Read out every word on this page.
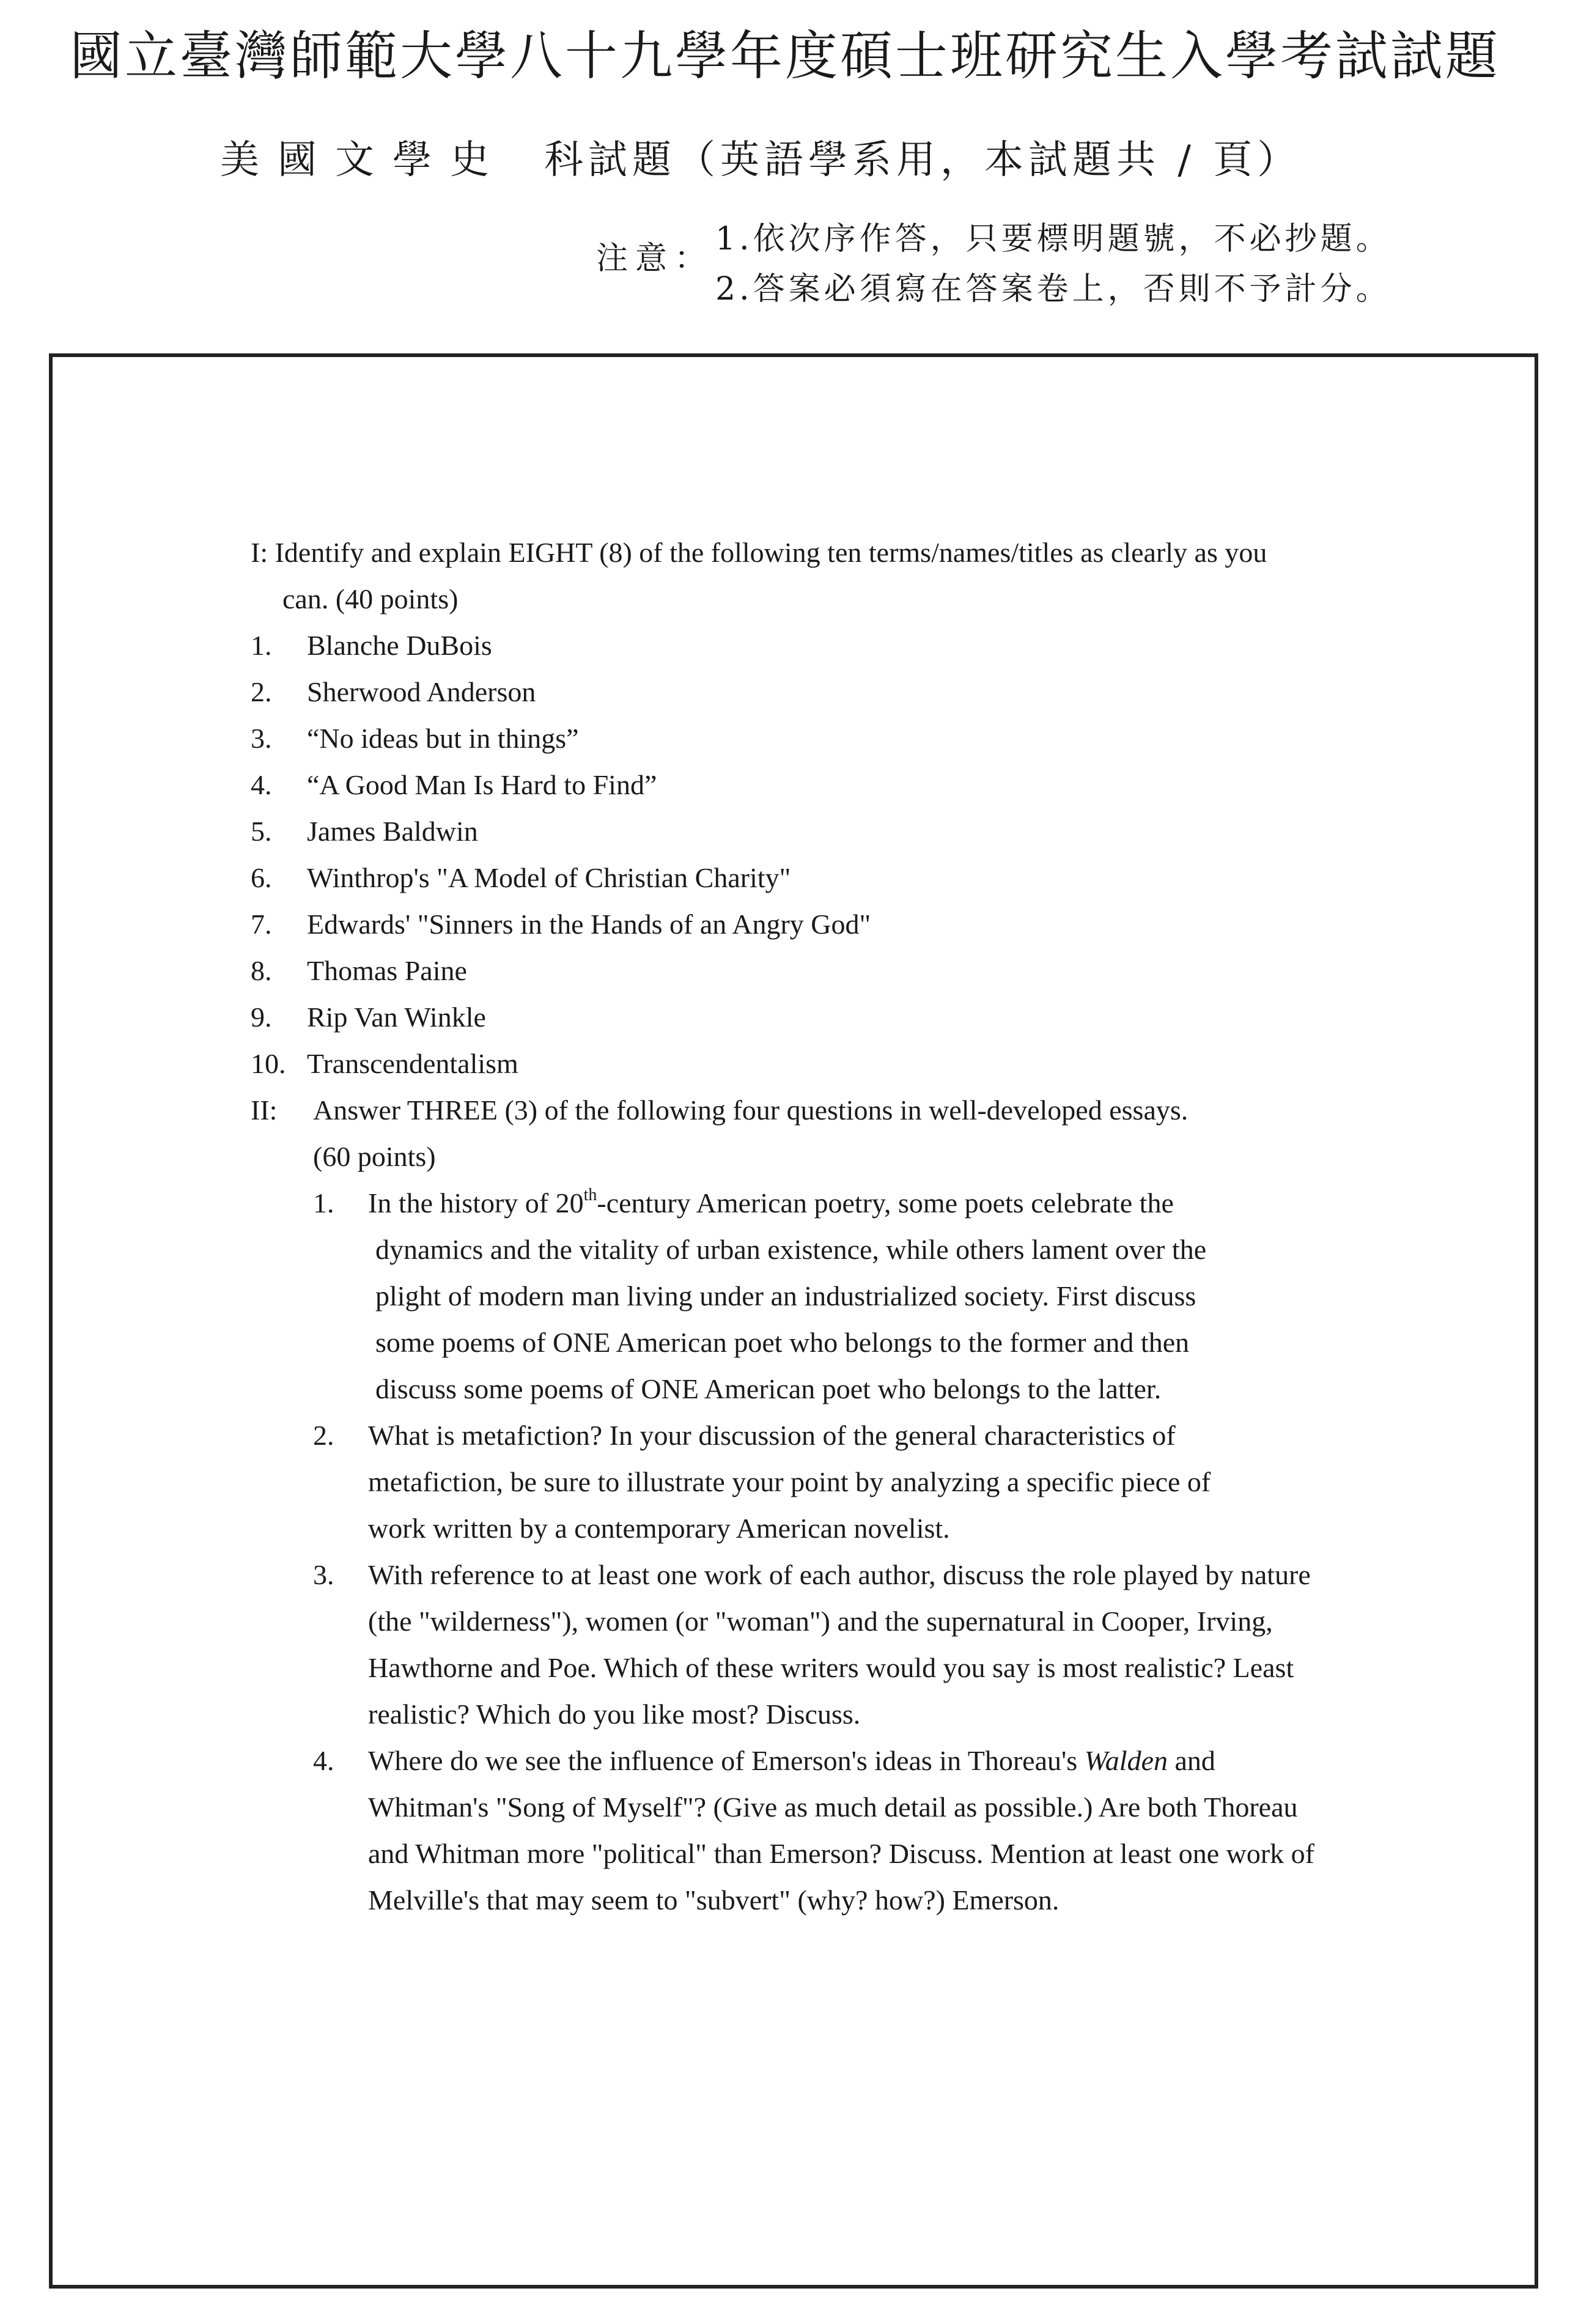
國立臺灣師範大學八十九學年度碩士班研究生入學考試試題
美國文學史 科試題（英語學系用，本試題共 / 頁）
注意：
1.依次序作答，只要標明題號，不必抄題。
2.答案必須寫在答案卷上，否則不予計分。
I: Identify and explain EIGHT (8) of the following ten terms/names/titles as clearly as you
can. (40 points)
1. Blanche DuBois
2. Sherwood Anderson
3. “No ideas but in things”
4. “A Good Man Is Hard to Find”
5. James Baldwin
6. Winthrop's "A Model of Christian Charity"
7. Edwards' "Sinners in the Hands of an Angry God"
8. Thomas Paine
9. Rip Van Winkle
10. Transcendentalism
II: Answer THREE (3) of the following four questions in well-developed essays.
(60 points)
1. In the history of 20th-century American poetry, some poets celebrate the
dynamics and the vitality of urban existence, while others lament over the
plight of modern man living under an industrialized society. First discuss
some poems of ONE American poet who belongs to the former and then
discuss some poems of ONE American poet who belongs to the latter.
2. What is metafiction? In your discussion of the general characteristics of
metafiction, be sure to illustrate your point by analyzing a specific piece of
work written by a contemporary American novelist.
3. With reference to at least one work of each author, discuss the role played by nature
(the "wilderness"), women (or "woman") and the supernatural in Cooper, Irving,
Hawthorne and Poe. Which of these writers would you say is most realistic? Least
realistic? Which do you like most? Discuss.
4. Where do we see the influence of Emerson's ideas in Thoreau's Walden and
Whitman's "Song of Myself"? (Give as much detail as possible.) Are both Thoreau
and Whitman more "political" than Emerson? Discuss. Mention at least one work of
Melville's that may seem to "subvert" (why? how?) Emerson.
